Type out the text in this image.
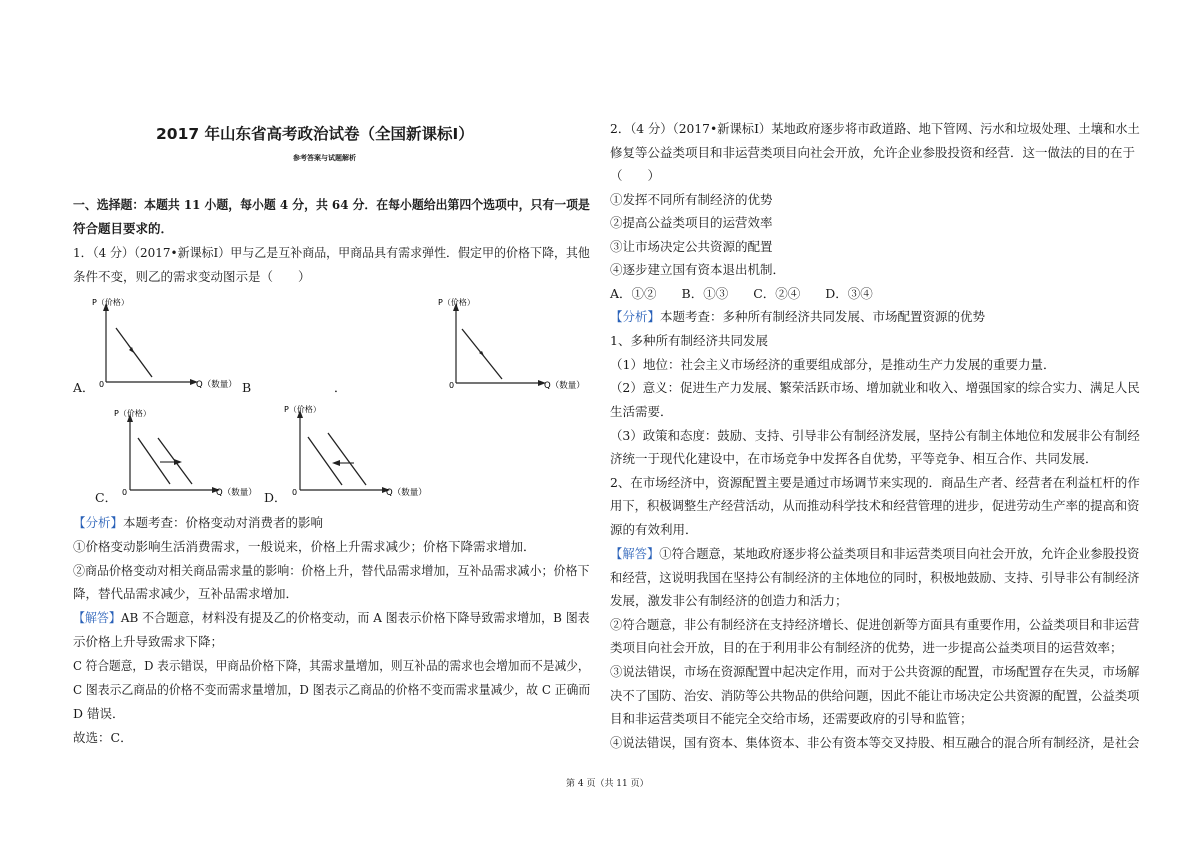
2017 年山东省高考政治试卷（全国新课标Ⅰ）
参考答案与试题解析
一、选择题：本题共 11 小题，每小题 4 分，共 64 分．在每小题给出第四个选项中，只有一项是
符合题目要求的．
1．（4 分）（2017•新课标Ⅰ）甲与乙是互补商品，甲商品具有需求弹性．假定甲的价格下降，其他
条件不变，则乙的需求变动图示是（　　）
P（价格）
0	Q（数量）
A．	B	．
P（价格）
0	Q（数量）
P（价格）
0	Q（数量）
C．
P（价格）
0	Q（数量）
D．
【分析】本题考查：价格变动对消费者的影响
①价格变动影响生活消费需求，一般说来，价格上升需求减少；价格下降需求增加．
②商品价格变动对相关商品需求量的影响：价格上升，替代品需求增加，互补品需求减小；价格下
降，替代品需求减少，互补品需求增加．
【解答】AB 不合题意，材料没有提及乙的价格变动，而 A 图表示价格下降导致需求增加，B 图表
示价格上升导致需求下降；
C 符合题意，D 表示错误，甲商品价格下降，其需求量增加，则互补品的需求也会增加而不是减少，
C 图表示乙商品的价格不变而需求量增加，D 图表示乙商品的价格不变而需求量减少，故 C 正确而
D 错误．
故选：C．
2．（4 分）（2017•新课标Ⅰ）某地政府逐步将市政道路、地下管网、污水和垃圾处理、土壤和水土
修复等公益类项目和非运营类项目向社会开放，允许企业参股投资和经营．这一做法的目的在于
（　　）
①发挥不同所有制经济的优势
②提高公益类项目的运营效率
③让市场决定公共资源的配置
④逐步建立国有资本退出机制．
A．①②　　B．①③　　C．②④　　D．③④
【分析】本题考查：多种所有制经济共同发展、市场配置资源的优势
1、多种所有制经济共同发展
（1）地位：社会主义市场经济的重要组成部分，是推动生产力发展的重要力量．
（2）意义：促进生产力发展、繁荣活跃市场、增加就业和收入、增强国家的综合实力、满足人民
生活需要．
（3）政策和态度：鼓励、支持、引导非公有制经济发展，坚持公有制主体地位和发展非公有制经
济统一于现代化建设中，在市场竞争中发挥各自优势，平等竞争、相互合作、共同发展．
2、在市场经济中，资源配置主要是通过市场调节来实现的．商品生产者、经营者在利益杠杆的作
用下，积极调整生产经营活动，从而推动科学技术和经营管理的进步，促进劳动生产率的提高和资
源的有效利用．
【解答】①符合题意，某地政府逐步将公益类项目和非运营类项目向社会开放，允许企业参股投资
和经营，这说明我国在坚持公有制经济的主体地位的同时，积极地鼓励、支持、引导非公有制经济
发展，激发非公有制经济的创造力和活力；
②符合题意，非公有制经济在支持经济增长、促进创新等方面具有重要作用，公益类项目和非运营
类项目向社会开放，目的在于利用非公有制经济的优势，进一步提高公益类项目的运营效率；
③说法错误，市场在资源配置中起决定作用，而对于公共资源的配置，市场配置存在失灵，市场解
决不了国防、治安、消防等公共物品的供给问题，因此不能让市场决定公共资源的配置，公益类项
目和非运营类项目不能完全交给市场，还需要政府的引导和监管；
④说法错误，国有资本、集体资本、非公有资本等交叉持股、相互融合的混合所有制经济，是社会
第 4 页（共 11 页）
